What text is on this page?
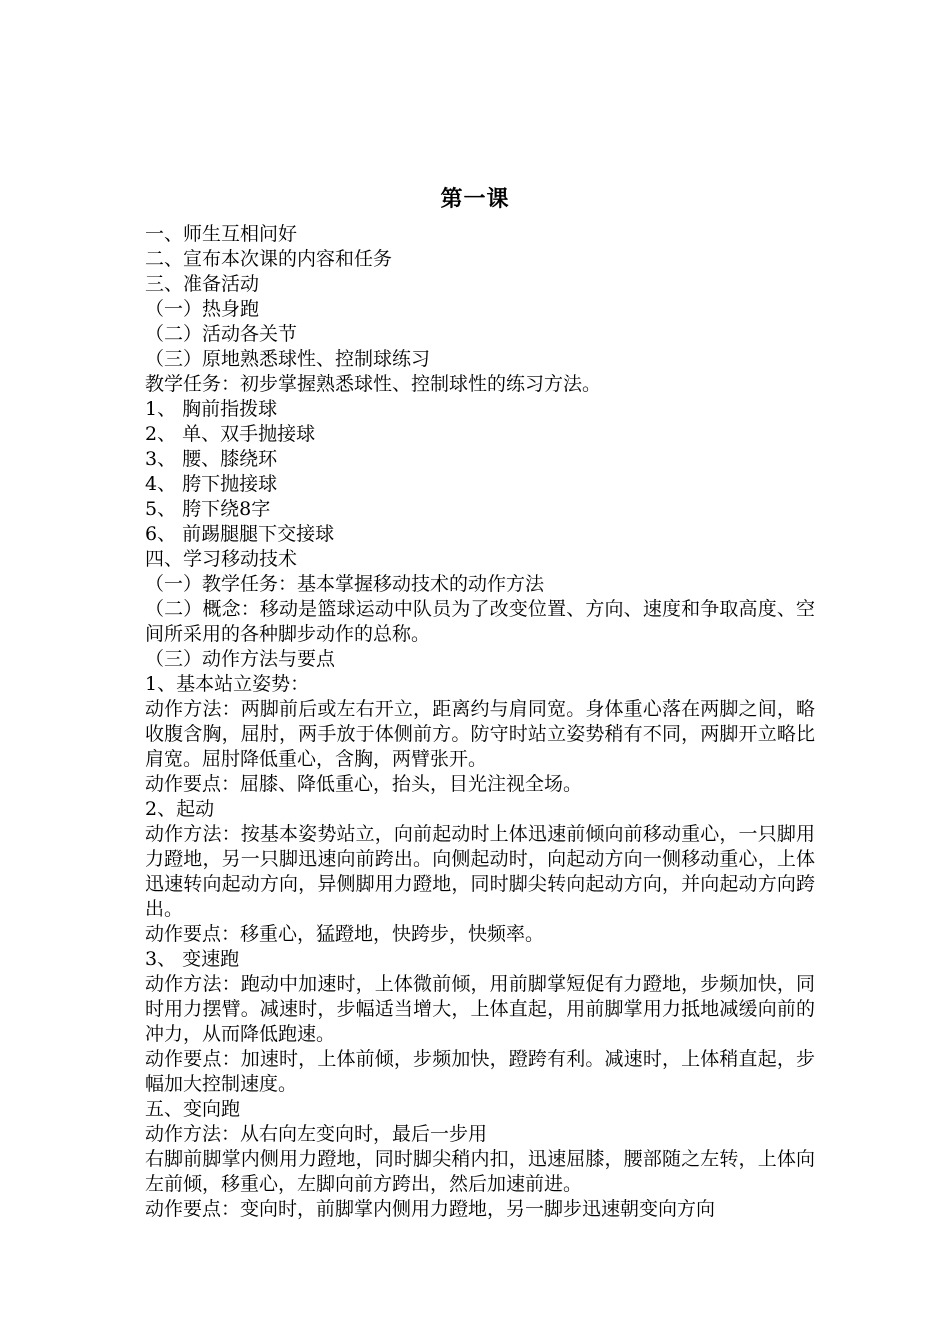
第一课
一、师生互相问好
二、宣布本次课的内容和任务
三、准备活动
（一）热身跑
（二）活动各关节
（三）原地熟悉球性、控制球练习
教学任务：初步掌握熟悉球性、控制球性的练习方法。
1、 胸前指拨球
2、 单、双手抛接球
3、 腰、膝绕环
4、 胯下抛接球
5、 胯下绕8字
6、 前踢腿腿下交接球
四、学习移动技术
（一）教学任务：基本掌握移动技术的动作方法
（二）概念：移动是篮球运动中队员为了改变位置、方向、速度和争取高度、空间所采用的各种脚步动作的总称。
（三）动作方法与要点
1、基本站立姿势：
动作方法：两脚前后或左右开立，距离约与肩同宽。身体重心落在两脚之间，略收腹含胸，屈肘，两手放于体侧前方。防守时站立姿势稍有不同，两脚开立略比肩宽。屈肘降低重心，含胸，两臂张开。
动作要点：屈膝、降低重心，抬头，目光注视全场。
2、起动
动作方法：按基本姿势站立，向前起动时上体迅速前倾向前移动重心，一只脚用力蹬地，另一只脚迅速向前跨出。向侧起动时，向起动方向一侧移动重心，上体迅速转向起动方向，异侧脚用力蹬地，同时脚尖转向起动方向，并向起动方向跨出。
动作要点：移重心，猛蹬地，快跨步，快频率。
3、 变速跑
动作方法：跑动中加速时，上体微前倾，用前脚掌短促有力蹬地，步频加快，同时用力摆臂。减速时，步幅适当增大，上体直起，用前脚掌用力抵地减缓向前的冲力，从而降低跑速。
动作要点：加速时，上体前倾，步频加快，蹬跨有利。减速时，上体稍直起，步幅加大控制速度。
五、变向跑
动作方法：从右向左变向时，最后一步用
右脚前脚掌内侧用力蹬地，同时脚尖稍内扣，迅速屈膝，腰部随之左转，上体向左前倾，移重心，左脚向前方跨出，然后加速前进。
动作要点：变向时，前脚掌内侧用力蹬地，另一脚步迅速朝变向方向
